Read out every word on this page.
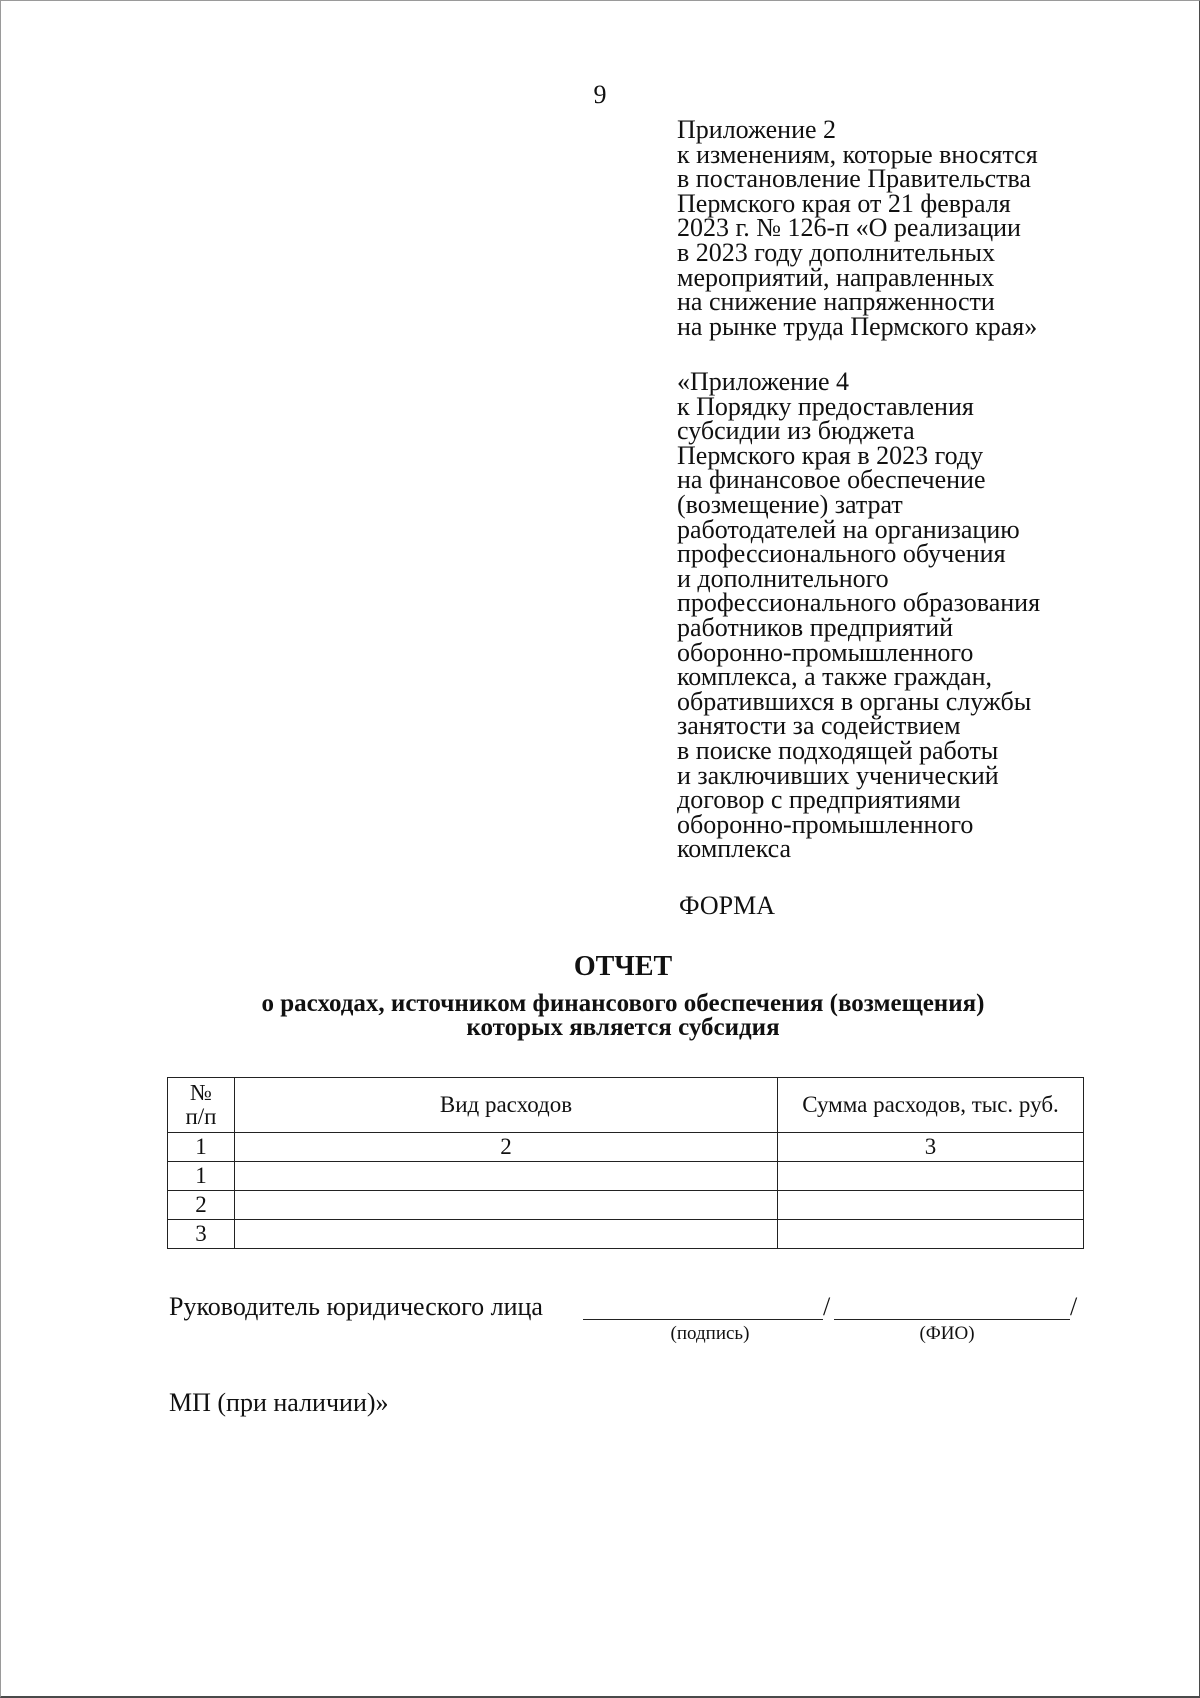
9
Приложение 2
к изменениям, которые вносятся
в постановление Правительства
Пермского края от 21 февраля
2023 г. № 126-п «О реализации
в 2023 году дополнительных
мероприятий, направленных
на снижение напряженности
на рынке труда Пермского края»
«Приложение 4
к Порядку предоставления
субсидии из бюджета
Пермского края в 2023 году
на финансовое обеспечение
(возмещение) затрат
работодателей на организацию
профессионального обучения
и дополнительного
профессионального образования
работников предприятий
оборонно-промышленного
комплекса, а также граждан,
обратившихся в органы службы
занятости за содействием
в поиске подходящей работы
и заключивших ученический
договор с предприятиями
оборонно-промышленного
комплекса
ФОРМА
ОТЧЕТ
о расходах, источником финансового обеспечения (возмещения)
которых является субсидия
№
п/п	Вид расходов	Сумма расходов, тыс. руб.
1	2	3
1		
2		
3		
Руководитель юридического лица	/	/
(подпись)	(ФИО)
МП (при наличии)»
